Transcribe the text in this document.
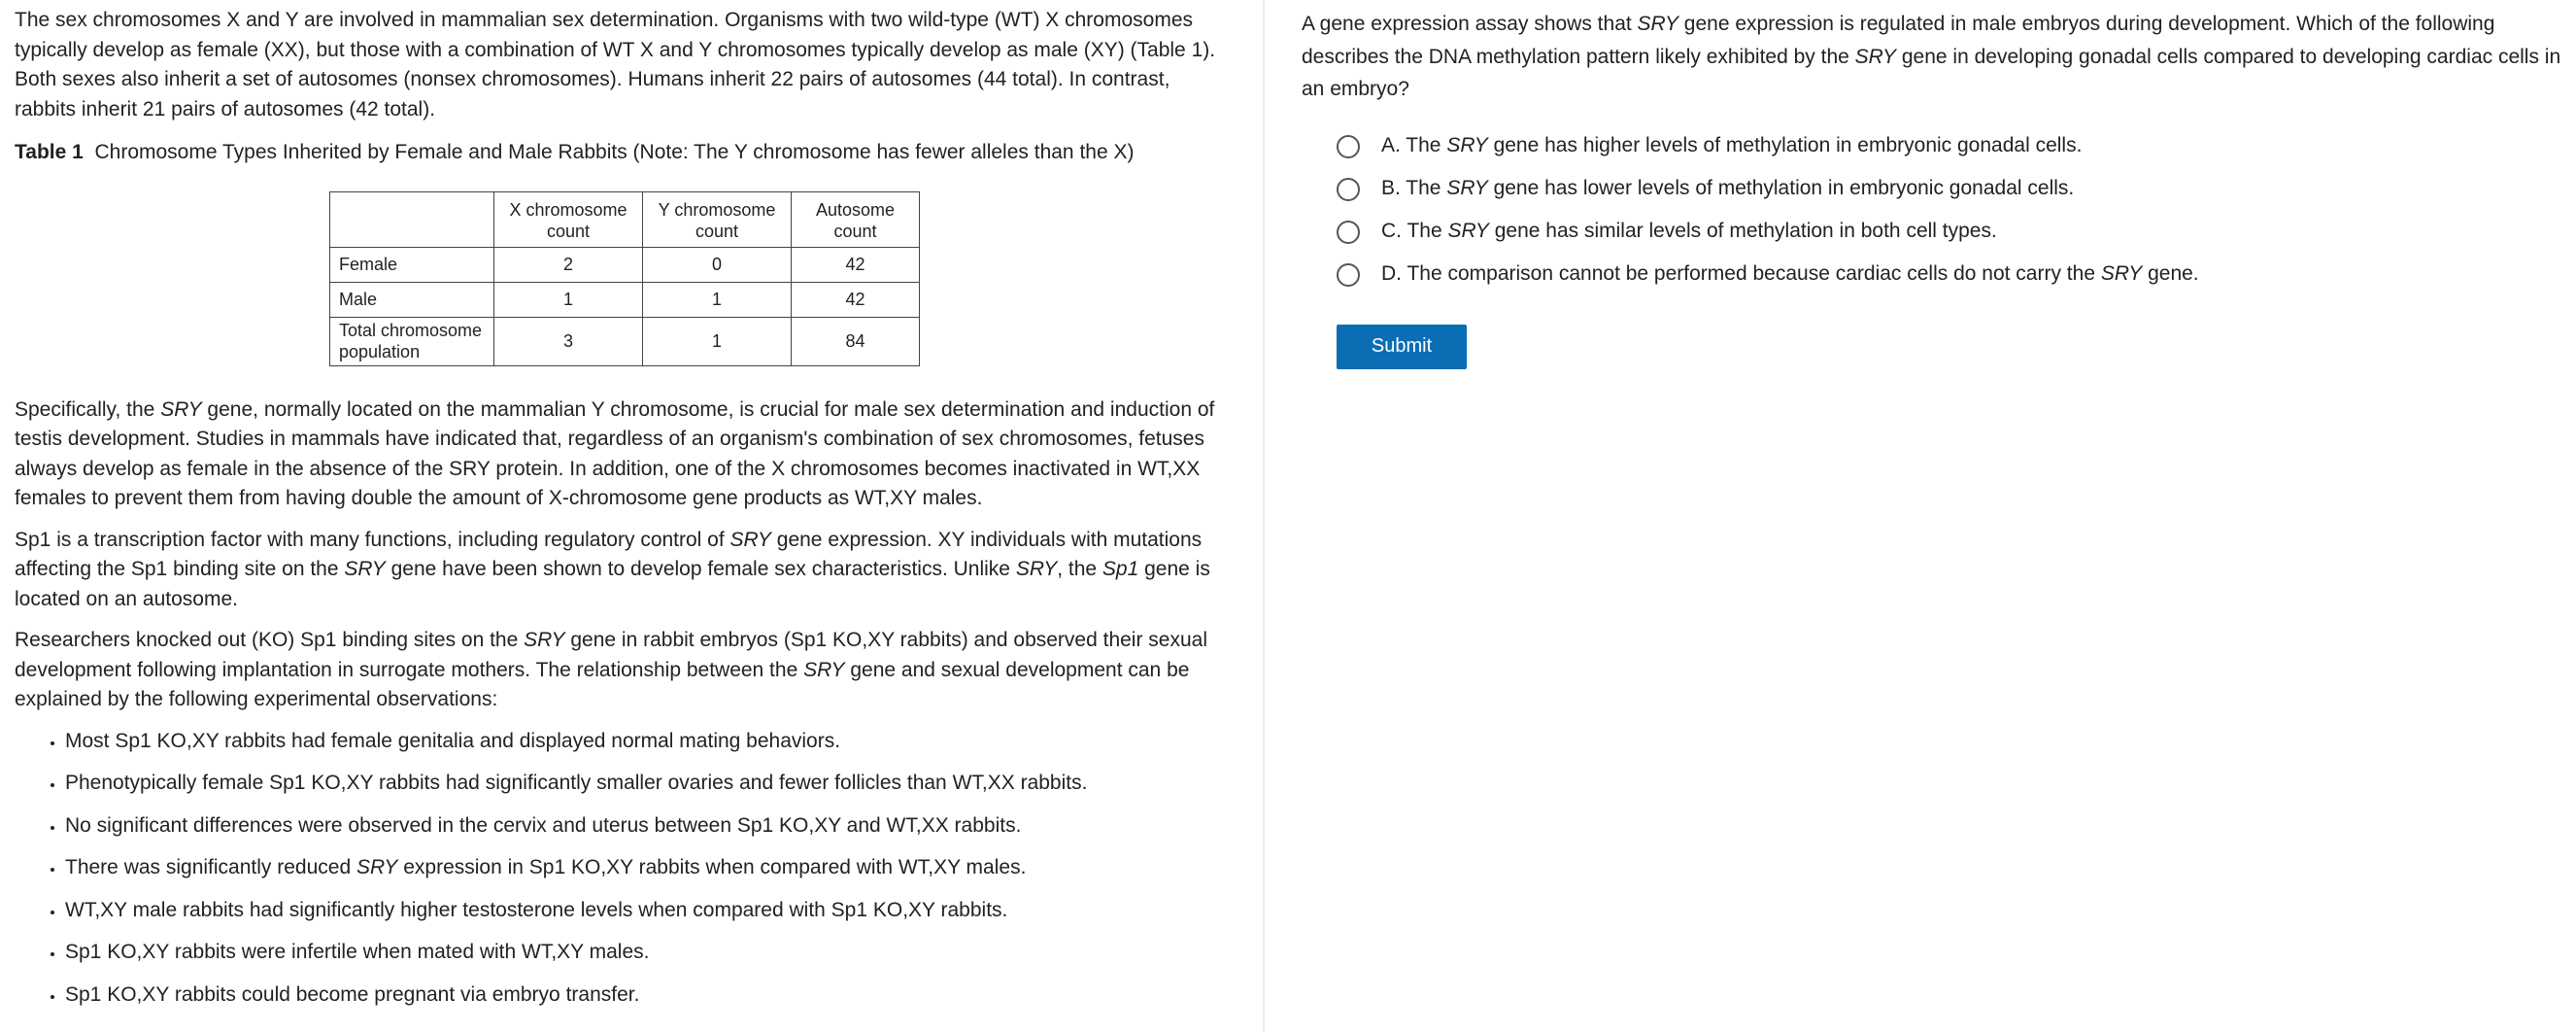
The sex chromosomes X and Y are involved in mammalian sex determination. Organisms with two wild-type (WT) X chromosomes typically develop as female (XX), but those with a combination of WT X and Y chromosomes typically develop as male (XY) (Table 1). Both sexes also inherit a set of autosomes (nonsex chromosomes). Humans inherit 22 pairs of autosomes (44 total). In contrast, rabbits inherit 21 pairs of autosomes (42 total).

Table 1  Chromosome Types Inherited by Female and Male Rabbits (Note: The Y chromosome has fewer alleles than the X)
	X chromosome count	Y chromosome count	Autosome count
Female	2	0	42
Male	1	1	42
Total chromosome population	3	1	84

Specifically, the SRY gene, normally located on the mammalian Y chromosome, is crucial for male sex determination and induction of testis development. Studies in mammals have indicated that, regardless of an organism's combination of sex chromosomes, fetuses always develop as female in the absence of the SRY protein. In addition, one of the X chromosomes becomes inactivated in WT,XX females to prevent them from having double the amount of X-chromosome gene products as WT,XY males.

Sp1 is a transcription factor with many functions, including regulatory control of SRY gene expression. XY individuals with mutations affecting the Sp1 binding site on the SRY gene have been shown to develop female sex characteristics. Unlike SRY, the Sp1 gene is located on an autosome.

Researchers knocked out (KO) Sp1 binding sites on the SRY gene in rabbit embryos (Sp1 KO,XY rabbits) and observed their sexual development following implantation in surrogate mothers. The relationship between the SRY gene and sexual development can be explained by the following experimental observations:

• Most Sp1 KO,XY rabbits had female genitalia and displayed normal mating behaviors.
• Phenotypically female Sp1 KO,XY rabbits had significantly smaller ovaries and fewer follicles than WT,XX rabbits.
• No significant differences were observed in the cervix and uterus between Sp1 KO,XY and WT,XX rabbits.
• There was significantly reduced SRY expression in Sp1 KO,XY rabbits when compared with WT,XY males.
• WT,XY male rabbits had significantly higher testosterone levels when compared with Sp1 KO,XY rabbits.
• Sp1 KO,XY rabbits were infertile when mated with WT,XY males.
• Sp1 KO,XY rabbits could become pregnant via embryo transfer.

A gene expression assay shows that SRY gene expression is regulated in male embryos during development. Which of the following describes the DNA methylation pattern likely exhibited by the SRY gene in developing gonadal cells compared to developing cardiac cells in an embryo?

A. The SRY gene has higher levels of methylation in embryonic gonadal cells.
B. The SRY gene has lower levels of methylation in embryonic gonadal cells.
C. The SRY gene has similar levels of methylation in both cell types.
D. The comparison cannot be performed because cardiac cells do not carry the SRY gene.
Submit
